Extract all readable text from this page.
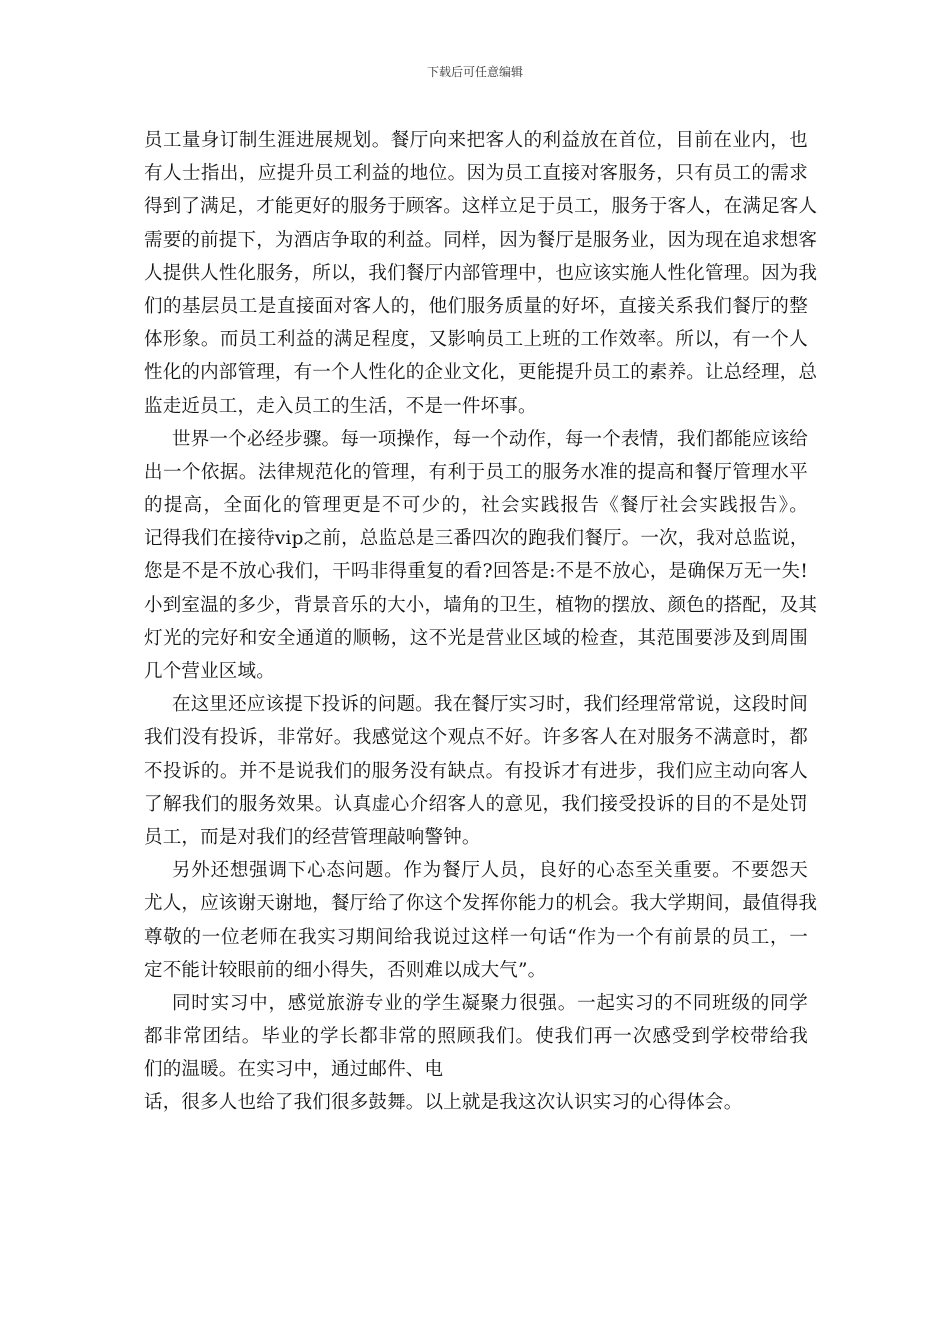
下载后可任意编辑
员工量身订制生涯进展规划。餐厅向来把客人的利益放在首位，目前在业内，也
有人士指出，应提升员工利益的地位。因为员工直接对客服务，只有员工的需求
得到了满足，才能更好的服务于顾客。这样立足于员工，服务于客人，在满足客人
需要的前提下，为酒店争取的利益。同样，因为餐厅是服务业，因为现在追求想客
人提供人性化服务，所以，我们餐厅内部管理中，也应该实施人性化管理。因为我
们的基层员工是直接面对客人的，他们服务质量的好坏，直接关系我们餐厅的整
体形象。而员工利益的满足程度，又影响员工上班的工作效率。所以，有一个人
性化的内部管理，有一个人性化的企业文化，更能提升员工的素养。让总经理，总
监走近员工，走入员工的生活，不是一件坏事。
世界一个必经步骤。每一项操作，每一个动作，每一个表情，我们都能应该给
出一个依据。法律规范化的管理，有利于员工的服务水准的提高和餐厅管理水平
的提高，全面化的管理更是不可少的，社会实践报告《餐厅社会实践报告》。
记得我们在接待vip之前，总监总是三番四次的跑我们餐厅。一次，我对总监说，
您是不是不放心我们，干吗非得重复的看?回答是:不是不放心，是确保万无一失!
小到室温的多少，背景音乐的大小，墙角的卫生，植物的摆放、颜色的搭配，及其
灯光的完好和安全通道的顺畅，这不光是营业区域的检查，其范围要涉及到周围
几个营业区域。
在这里还应该提下投诉的问题。我在餐厅实习时，我们经理常常说，这段时间
我们没有投诉，非常好。我感觉这个观点不好。许多客人在对服务不满意时，都
不投诉的。并不是说我们的服务没有缺点。有投诉才有进步，我们应主动向客人
了解我们的服务效果。认真虚心介绍客人的意见，我们接受投诉的目的不是处罚
员工，而是对我们的经营管理敲响警钟。
另外还想强调下心态问题。作为餐厅人员，良好的心态至关重要。不要怨天
尤人，应该谢天谢地，餐厅给了你这个发挥你能力的机会。我大学期间，最值得我
尊敬的一位老师在我实习期间给我说过这样一句话“作为一个有前景的员工，一
定不能计较眼前的细小得失，否则难以成大气”。
同时实习中，感觉旅游专业的学生凝聚力很强。一起实习的不同班级的同学
都非常团结。毕业的学长都非常的照顾我们。使我们再一次感受到学校带给我
们的温暖。在实习中，通过邮件、电
话，很多人也给了我们很多鼓舞。以上就是我这次认识实习的心得体会。
